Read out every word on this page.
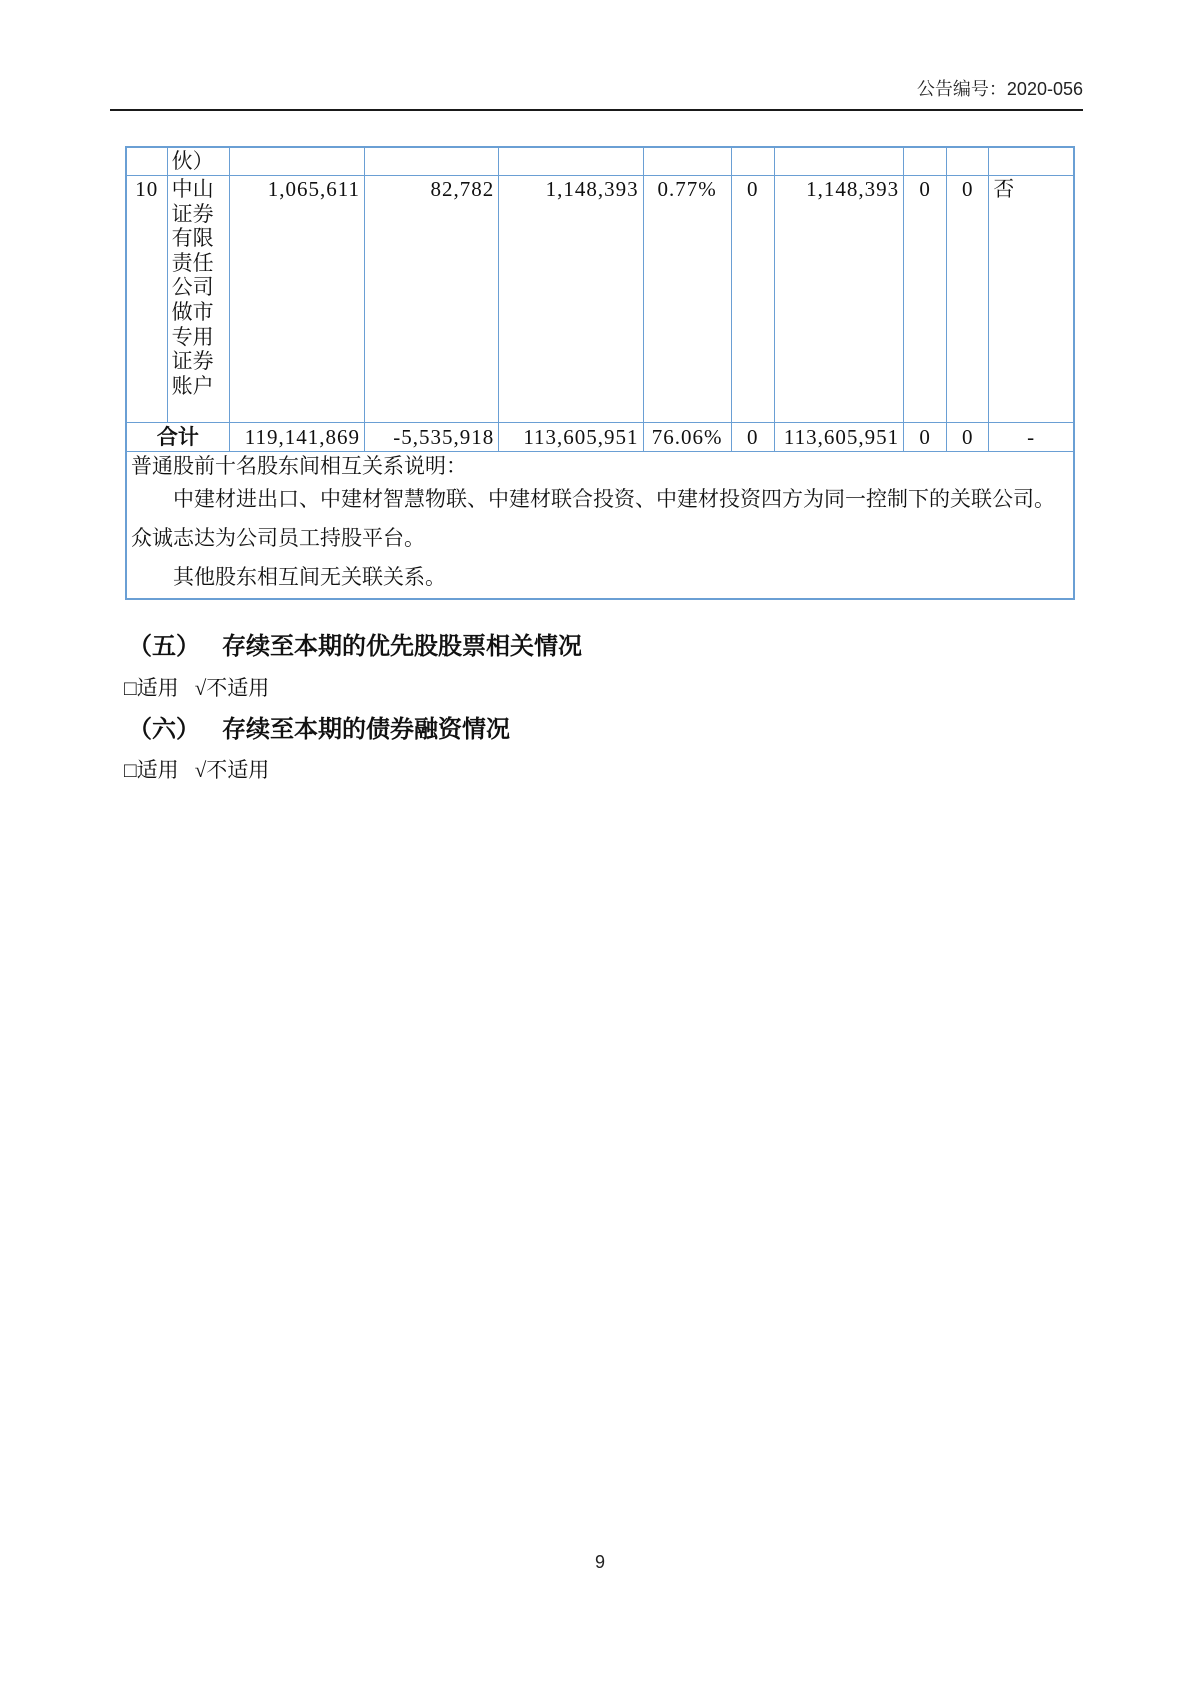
公告编号：2020-056
	伙）									
10	中山证券有限责任公司做市专用证券账户	1,065,611	82,782	1,148,393	0.77%	0	1,148,393	0	0	否
合计		119,141,869	-5,535,918	113,605,951	76.06%	0	113,605,951	0	0	-

普通股前十名股东间相互关系说明：

中建材进出口、中建材智慧物联、中建材联合投资、中建材投资四方为同一控制下的关联公司。众诚志达为公司员工持股平台。

其他股东相互间无关联关系。										

（五） 存续至本期的优先股股票相关情况
□适用 √不适用
（六） 存续至本期的债券融资情况
□适用 √不适用
9
